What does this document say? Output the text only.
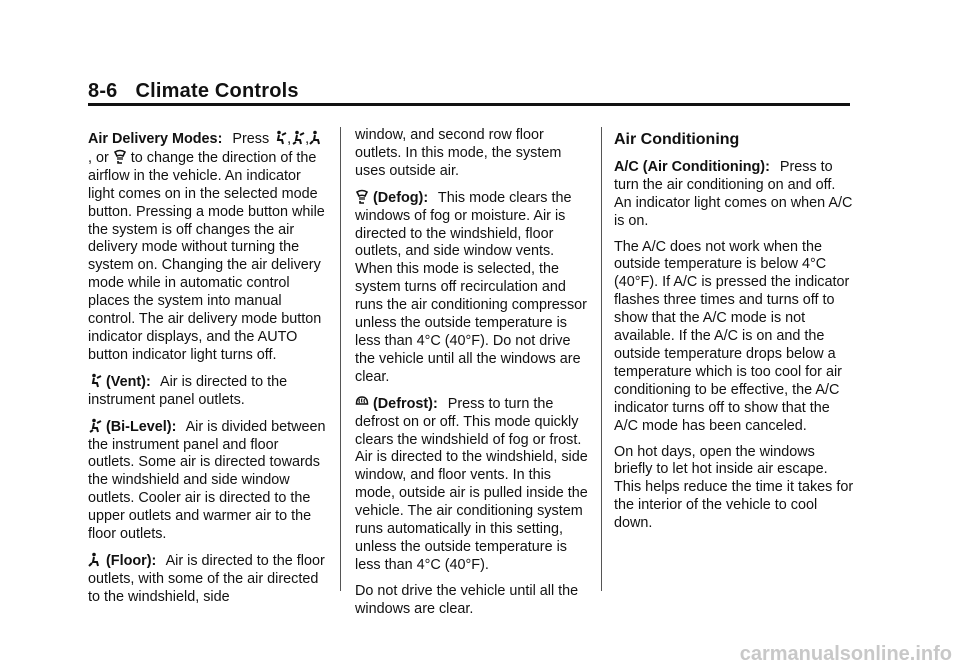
8-6 Climate Controls

Air Delivery Modes: Press , ,
, or to change the direction of the airflow in the vehicle. An indicator light comes on in the selected mode button. Pressing a mode button while the system is off changes the air delivery mode without turning the system on. Changing the air delivery mode while in automatic control places the system into manual control. The air delivery mode button indicator displays, and the AUTO button indicator light turns off.

(Vent): Air is directed to the instrument panel outlets.

(Bi-Level): Air is divided between the instrument panel and floor outlets. Some air is directed towards the windshield and side window outlets. Cooler air is directed to the upper outlets and warmer air to the floor outlets.

(Floor): Air is directed to the floor outlets, with some of the air directed to the windshield, side

window, and second row floor outlets. In this mode, the system uses outside air.

(Defog): This mode clears the windows of fog or moisture. Air is directed to the windshield, floor outlets, and side window vents. When this mode is selected, the system turns off recirculation and runs the air conditioning compressor unless the outside temperature is less than 4°C (40°F). Do not drive the vehicle until all the windows are clear.

(Defrost): Press to turn the defrost on or off. This mode quickly clears the windshield of fog or frost. Air is directed to the windshield, side window, and floor vents. In this mode, outside air is pulled inside the vehicle. The air conditioning system runs automatically in this setting, unless the outside temperature is less than 4°C (40°F).

Do not drive the vehicle until all the windows are clear.

Air Conditioning

A/C (Air Conditioning): Press to turn the air conditioning on and off. An indicator light comes on when A/C is on.

The A/C does not work when the outside temperature is below 4°C (40°F). If A/C is pressed the indicator flashes three times and turns off to show that the A/C mode is not available. If the A/C is on and the outside temperature drops below a temperature which is too cool for air conditioning to be effective, the A/C indicator turns off to show that the A/C mode has been canceled.

On hot days, open the windows briefly to let hot inside air escape. This helps reduce the time it takes for the interior of the vehicle to cool down.

carmanualsonline.info
